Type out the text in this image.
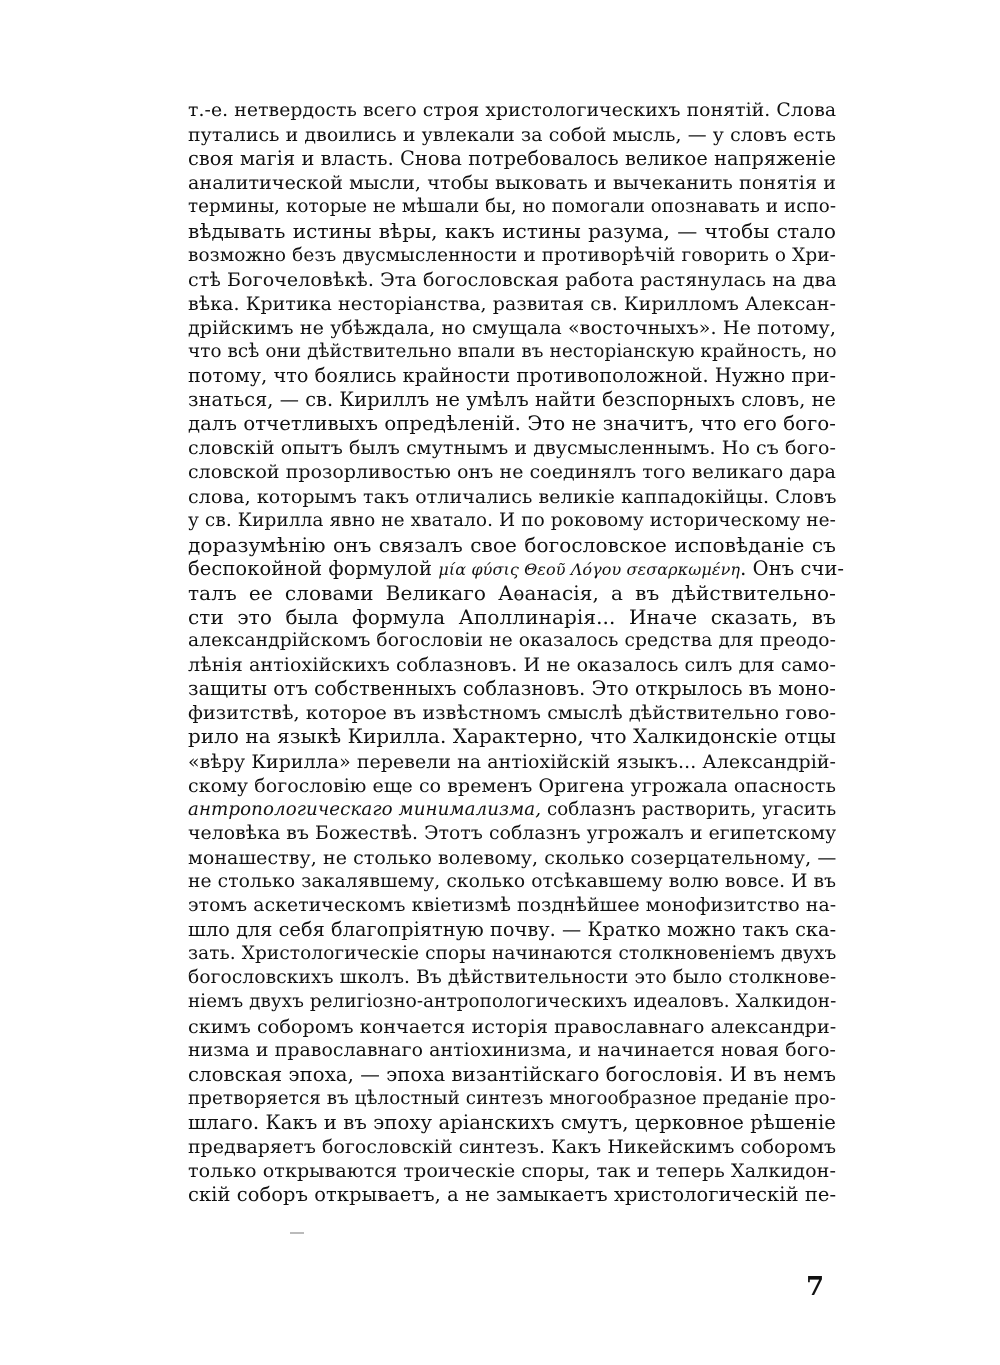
т.-е. нетвердость всего строя христологическихъ понятій. Слова
путались и двоились и увлекали за собой мысль, — у словъ есть
своя магія и власть. Снова потребовалось великое напряженіе
аналитической мысли, чтобы выковать и вычеканить понятія и
термины, которые не мѣшали бы, но помогали опознавать и испо-
вѣдывать истины вѣры, какъ истины разума, — чтобы стало
возможно безъ двусмысленности и противорѣчій говорить о Хри-
стѣ Богочеловѣкѣ. Эта богословская работа растянулась на два
вѣка. Критика несторіанства, развитая св. Кирилломъ Алексан-
дрійскимъ не убѣждала, но смущала «восточныхъ». Не потому,
что всѣ они дѣйствительно впали въ несторіанскую крайность, но
потому, что боялись крайности противоположной. Нужно при-
знаться, — св. Кириллъ не умѣлъ найти безспорныхъ словъ, не
далъ отчетливыхъ опредѣленій. Это не значитъ, что его бого-
словскій опытъ былъ смутнымъ и двусмысленнымъ. Но съ бого-
словской прозорливостью онъ не соединялъ того великаго дара
слова, которымъ такъ отличались великіе каппадокійцы. Словъ
у св. Кирилла явно не хватало. И по роковому историческому не-
доразумѣнію онъ связалъ свое богословское исповѣданіе съ
беспокойной формулой μία φύσις Θεοῦ Λόγου σεσαρκωμένη. Онъ счи-
талъ ее словами Великаго Аѳанасія, а въ дѣйствительно-
сти это была формула Аполлинарія... Иначе сказать, въ
александрійскомъ богословіи не оказалось средства для преодо-
лѣнія антіохійскихъ соблазновъ. И не оказалось силъ для само-
защиты отъ собственныхъ соблазновъ. Это открылось въ моно-
физитствѣ, которое въ извѣстномъ смыслѣ дѣйствительно гово-
рило на языкѣ Кирилла. Характерно, что Халкидонскіе отцы
«вѣру Кирилла» перевели на антіохійскій языкъ... Александрій-
скому богословію еще со временъ Оригена угрожала опасность
антропологическаго минимализма, соблазнъ растворить, угасить
человѣка въ Божествѣ. Этотъ соблазнъ угрожалъ и египетскому
монашеству, не столько волевому, сколько созерцательному, —
не столько закалявшему, сколько отсѣкавшему волю вовсе. И въ
этомъ аскетическомъ квіетизмѣ позднѣйшее монофизитство на-
шло для себя благопріятную почву. — Кратко можно такъ ска-
зать. Христологическіе споры начинаются столкновеніемъ двухъ
богословскихъ школъ. Въ дѣйствительности это было столкнове-
ніемъ двухъ религіозно-антропологическихъ идеаловъ. Халкидон-
скимъ соборомъ кончается исторія православнаго александри-
низма и православнаго антіохинизма, и начинается новая бого-
словская эпоха, — эпоха византійскаго богословія. И въ немъ
претворяется въ цѣлостный синтезъ многообразное преданіе про-
шлаго. Какъ и въ эпоху аріанскихъ смутъ, церковное рѣшеніе
предваряетъ богословскій синтезъ. Какъ Никейскимъ соборомъ
только открываются троическіе споры, так и теперь Халкидон-
скій соборъ открываетъ, а не замыкаетъ христологическій пе-
7
